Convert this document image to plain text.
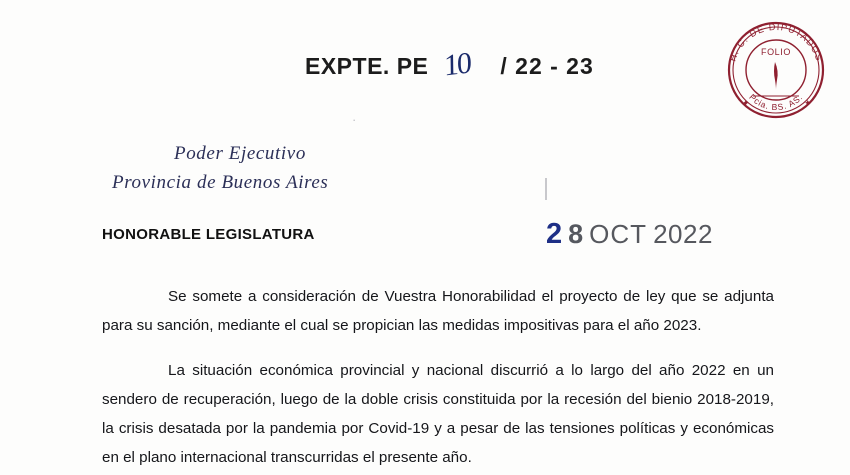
EXPTE. PE 10	/ 22 - 23	H. C. DE DIPUTADOS
Pcia. BS. AS.
FOLIO
✦	✦
·
Poder Ejecutivo
Provincia de Buenos Aires
HONORABLE LEGISLATURA	2 8 OCT 2022

Se somete a consideración de Vuestra Honorabilidad el proyecto de ley que se adjunta para su sanción, mediante el cual se propician las medidas impositivas para el año 2023.

La situación económica provincial y nacional discurrió a lo largo del año 2022 en un sendero de recuperación, luego de la doble crisis constituida por la recesión del bienio 2018-2019, la crisis desatada por la pandemia por Covid-19 y a pesar de las tensiones políticas y económicas en el plano internacional transcurridas el presente año.
